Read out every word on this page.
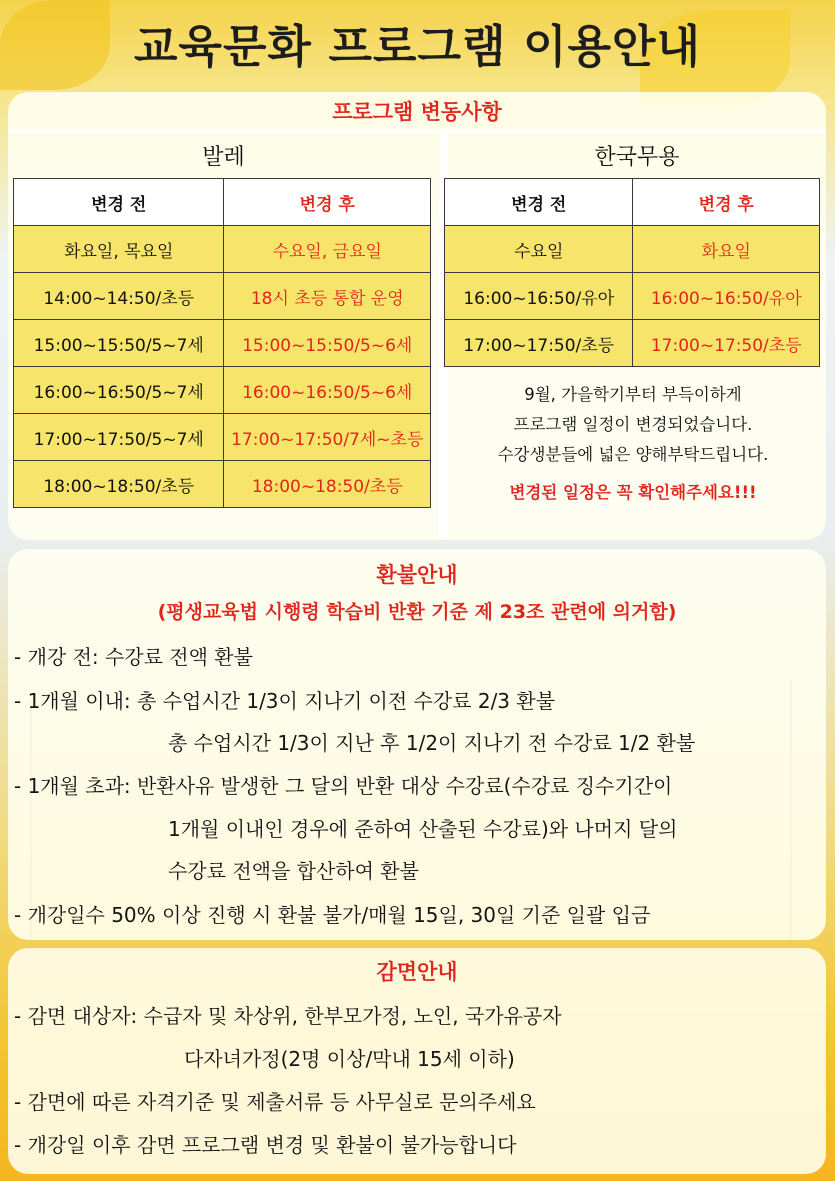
교육문화 프로그램 이용안내
프로그램 변동사항
발레	한국무용
변경 전	변경 후
화요일, 목요일	수요일, 금요일
14:00~14:50/초등	18시 초등 통합 운영
15:00~15:50/5~7세	15:00~15:50/5~6세
16:00~16:50/5~7세	16:00~16:50/5~6세
17:00~17:50/5~7세	17:00~17:50/7세~초등
18:00~18:50/초등	18:00~18:50/초등
변경 전	변경 후
수요일	화요일
16:00~16:50/유아	16:00~16:50/유아
17:00~17:50/초등	17:00~17:50/초등
9월, 가을학기부터 부득이하게
프로그램 일정이 변경되었습니다.
수강생분들에 넓은 양해부탁드립니다.
변경된 일정은 꼭 확인해주세요!!!
환불안내
(평생교육법 시행령 학습비 반환 기준 제 23조 관련에 의거함)
- 개강 전: 수강료 전액 환불
- 1개월 이내: 총 수업시간 1/3이 지나기 이전 수강료 2/3 환불
총 수업시간 1/3이 지난 후 1/2이 지나기 전 수강료 1/2 환불
- 1개월 초과: 반환사유 발생한 그 달의 반환 대상 수강료(수강료 징수기간이
1개월 이내인 경우에 준하여 산출된 수강료)와 나머지 달의
수강료 전액을 합산하여 환불
- 개강일수 50% 이상 진행 시 환불 불가/매월 15일, 30일 기준 일괄 입금
감면안내
- 감면 대상자: 수급자 및 차상위, 한부모가정, 노인, 국가유공자
다자녀가정(2명 이상/막내 15세 이하)
- 감면에 따른 자격기준 및 제출서류 등 사무실로 문의주세요
- 개강일 이후 감면 프로그램 변경 및 환불이 불가능합니다
